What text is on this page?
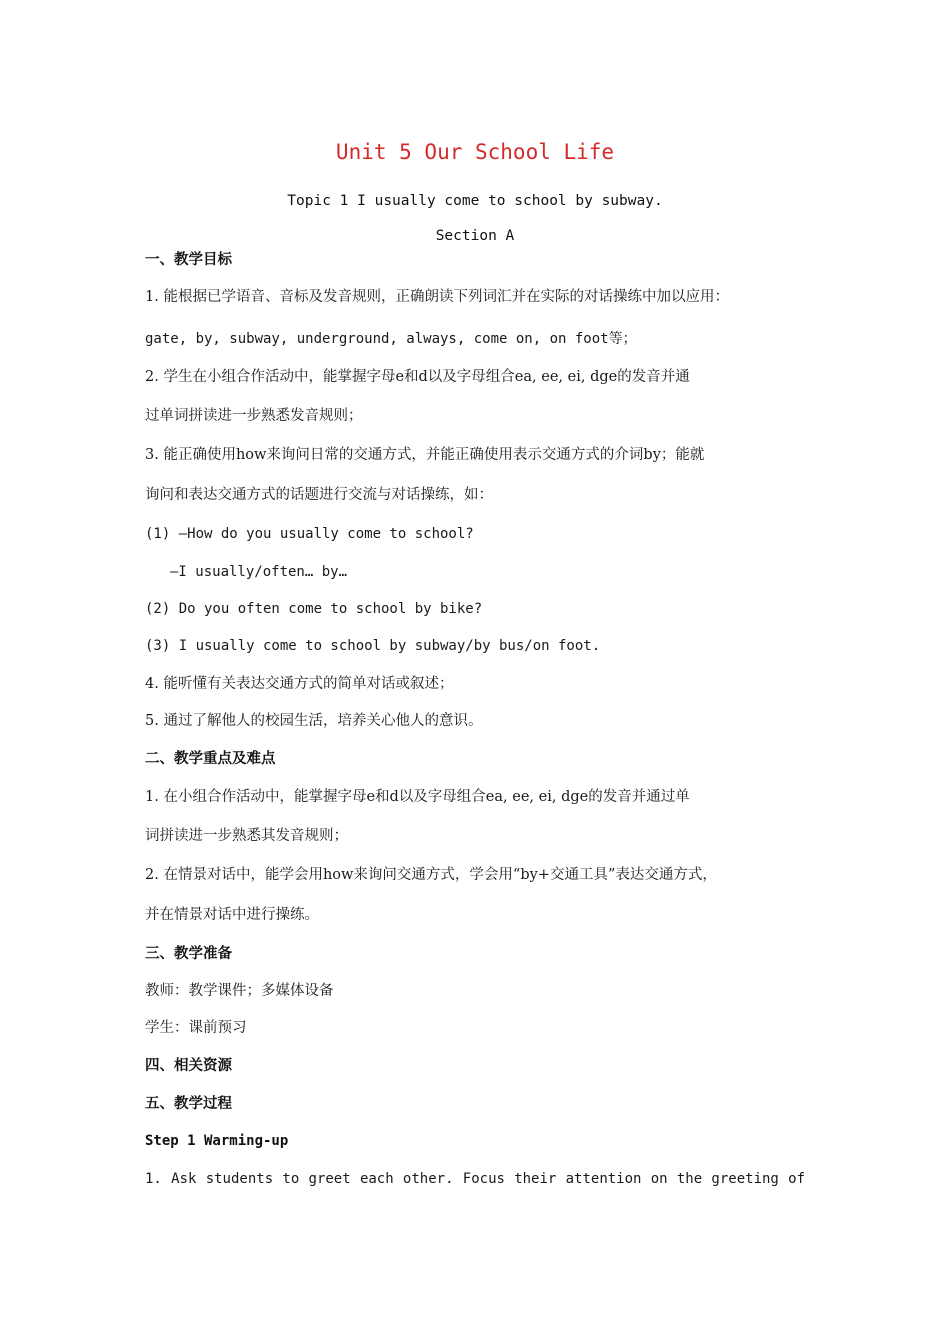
Unit 5 Our School Life
Topic 1 I usually come to school by subway.
Section A
一、教学目标
1. 能根据已学语音、音标及发音规则，正确朗读下列词汇并在实际的对话操练中加以应用：
gate, by, subway, underground, always, come on, on foot等；
2. 学生在小组合作活动中，能掌握字母e和d以及字母组合ea, ee, ei, dge的发音并通
过单词拼读进一步熟悉发音规则；
3. 能正确使用how来询问日常的交通方式，并能正确使用表示交通方式的介词by；能就
询问和表达交通方式的话题进行交流与对话操练，如：
(1) —How do you usually come to school?
—I usually/often… by…
(2) Do you often come to school by bike?
(3) I usually come to school by subway/by bus/on foot.
4. 能听懂有关表达交通方式的简单对话或叙述；
5. 通过了解他人的校园生活，培养关心他人的意识。
二、教学重点及难点
1. 在小组合作活动中，能掌握字母e和d以及字母组合ea, ee, ei, dge的发音并通过单
词拼读进一步熟悉其发音规则；
2. 在情景对话中，能学会用how来询问交通方式，学会用“by+交通工具”表达交通方式，
并在情景对话中进行操练。
三、教学准备
教师：教学课件；多媒体设备
学生：课前预习
四、相关资源
五、教学过程
Step 1 Warming-up
1. Ask students to greet each other. Focus their attention on the greeting of
